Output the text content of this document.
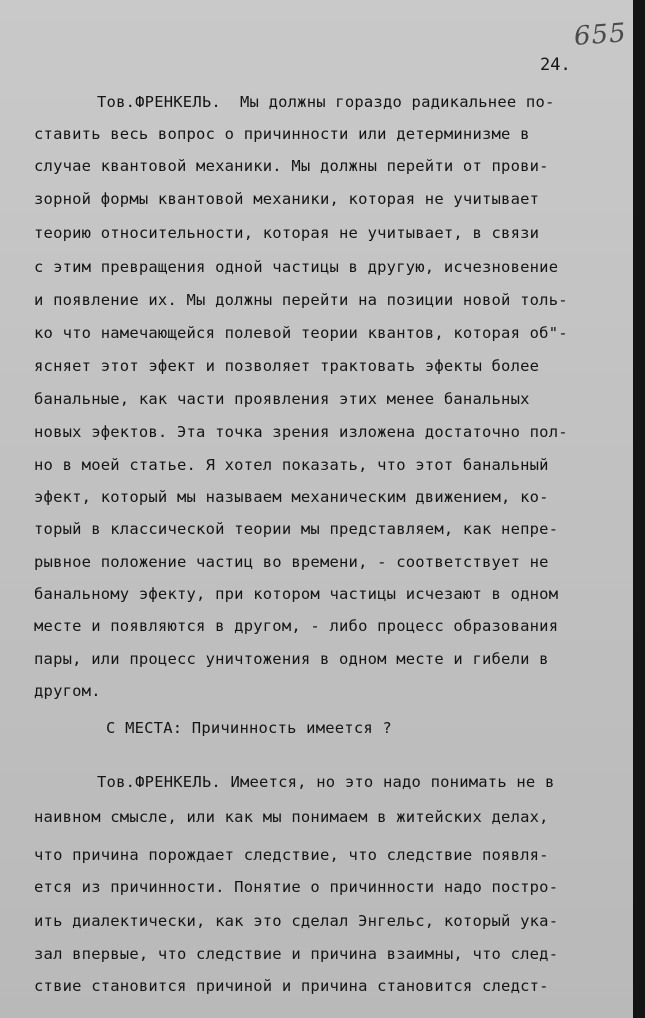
655
24.
Тов.ФРЕНКЕЛЬ.  Мы должны гораздо радикальнее по-
ставить весь вопрос о причинности или детерминизме в
случае квантовой механики. Мы должны перейти от прови-
зорной формы квантовой механики, которая не учитывает
теорию относительности, которая не учитывает, в связи
с этим превращения одной частицы в другую, исчезновение
и появление их. Мы должны перейти на позиции новой толь-
ко что намечающейся полевой теории квантов, которая об"-
ясняет этот эфект и позволяет трактовать эфекты более
банальные, как части проявления этих менее банальных
новых эфектов. Эта точка зрения изложена достаточно пол-
но в моей статье. Я хотел показать, что этот банальный
эфект, который мы называем механическим движением, ко-
торый в классической теории мы представляем, как непре-
рывное положение частиц во времени, - соответствует не
банальному эфекту, при котором частицы исчезают в одном
месте и появляются в другом, - либо процесс образования
пары, или процесс уничтожения в одном месте и гибели в
другом.
С МЕСТА: Причинность имеется ?
Тов.ФРЕНКЕЛЬ. Имеется, но это надо понимать не в
наивном смысле, или как мы понимаем в житейских делах,
что причина порождает следствие, что следствие появля-
ется из причинности. Понятие о причинности надо постро-
ить диалектически, как это сделал Энгельс, который ука-
зал впервые, что следствие и причина взаимны, что след-
ствие становится причиной и причина становится следст-
